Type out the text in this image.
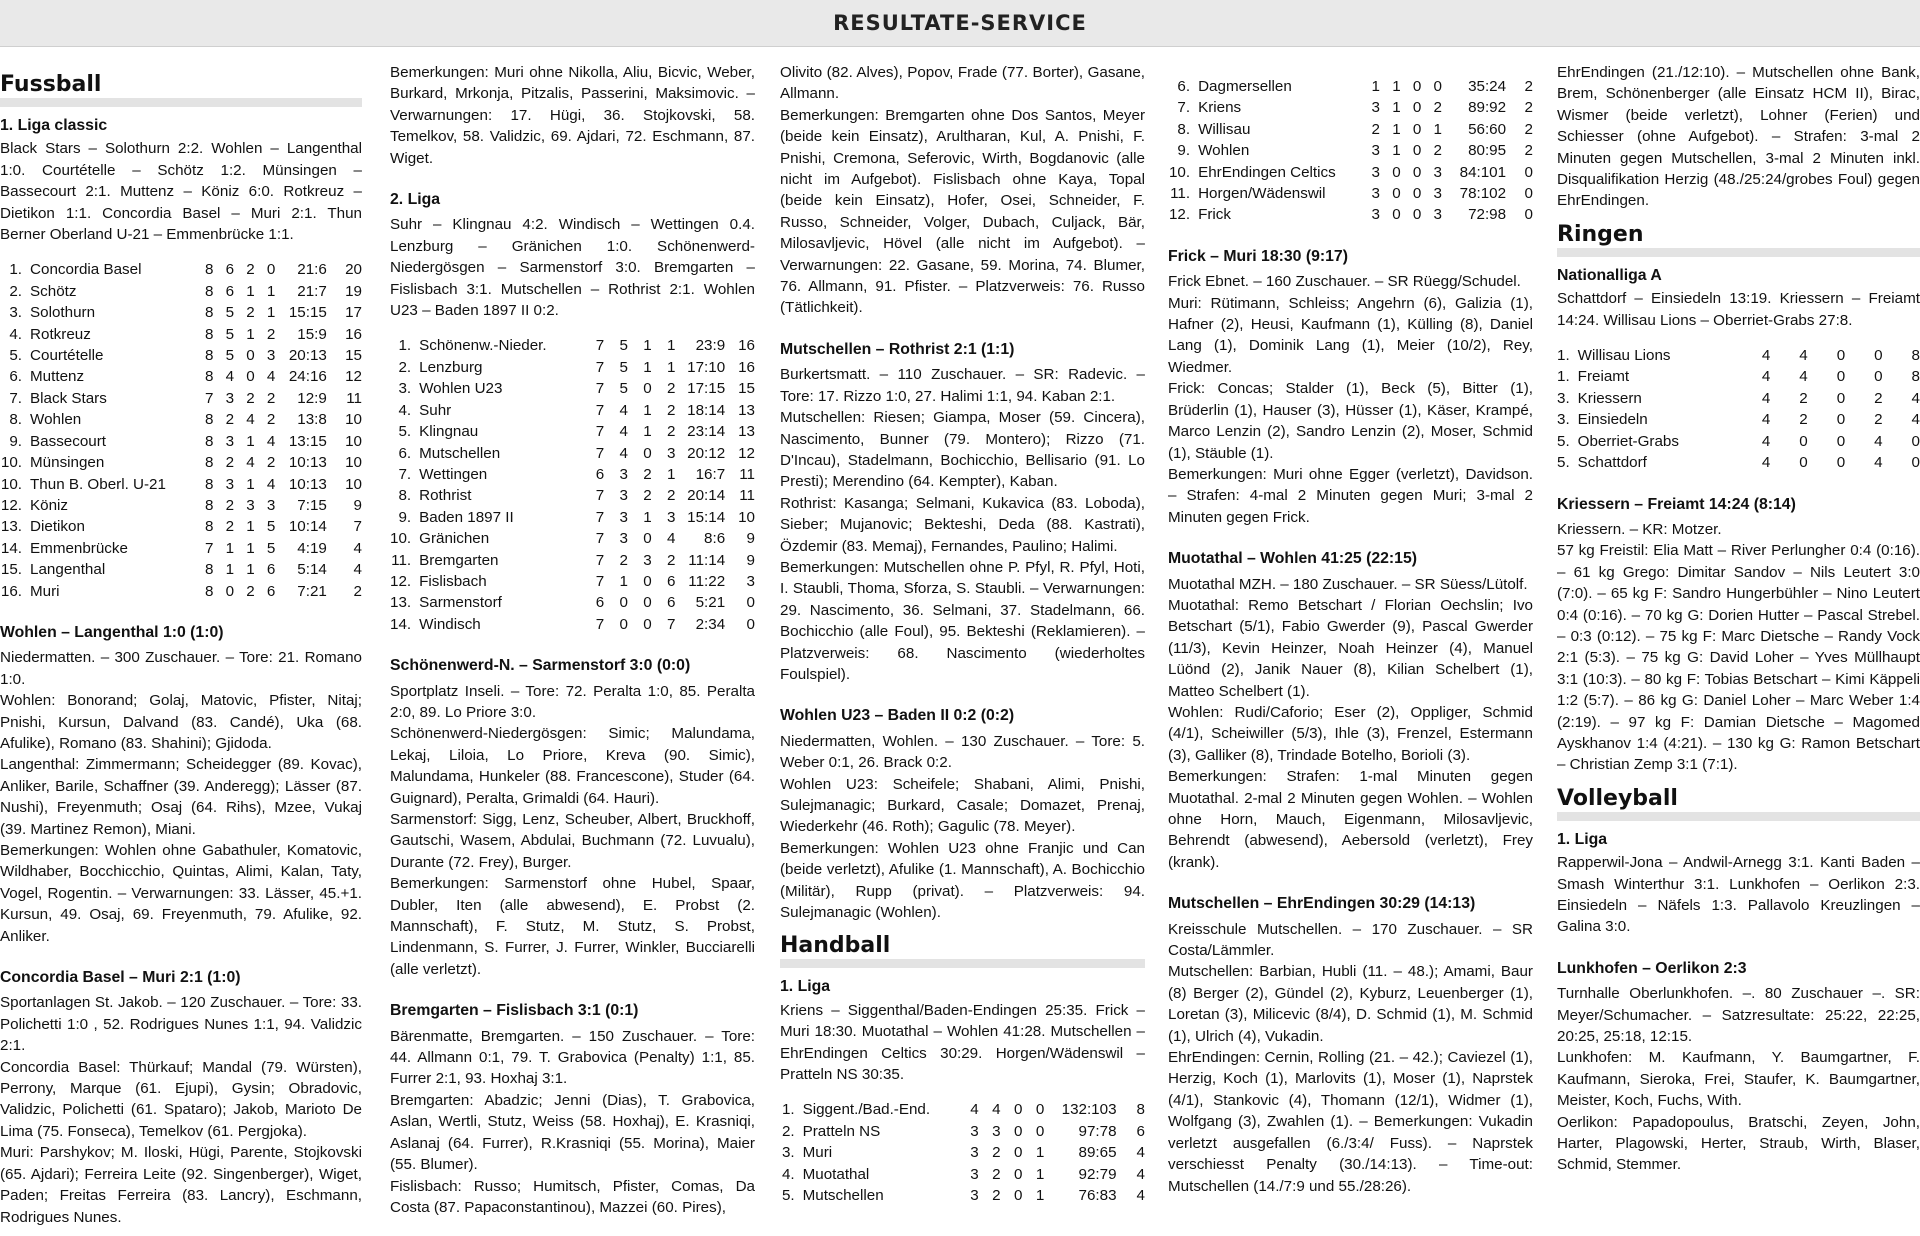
RESULTATE-SERVICE
Fussball
1. Liga classic
Black Stars – Solothurn 2:2. Wohlen – Langenthal 1:0. Courtételle – Schötz 1:2. Münsingen – Bassecourt 2:1. Muttenz – Köniz 6:0. Rotkreuz – Dietikon 1:1. Concordia Basel – Muri 2:1. Thun Berner Oberland U-21 – Emmenbrücke 1:1.
1.	Concordia Basel	8	6	2	0	21:6	20
2.	Schötz	8	6	1	1	21:7	19
3.	Solothurn	8	5	2	1	15:15	17
4.	Rotkreuz	8	5	1	2	15:9	16
5.	Courtételle	8	5	0	3	20:13	15
6.	Muttenz	8	4	0	4	24:16	12
7.	Black Stars	7	3	2	2	12:9	11
8.	Wohlen	8	2	4	2	13:8	10
9.	Bassecourt	8	3	1	4	13:15	10
10.	Münsingen	8	2	4	2	10:13	10
10.	Thun B. Oberl. U-21	8	3	1	4	10:13	10
12.	Köniz	8	2	3	3	7:15	9
13.	Dietikon	8	2	1	5	10:14	7
14.	Emmenbrücke	7	1	1	5	4:19	4
15.	Langenthal	8	1	1	6	5:14	4
16.	Muri	8	0	2	6	7:21	2
Wohlen – Langenthal 1:0 (1:0)
Niedermatten. – 300 Zuschauer. – Tore: 21. Romano 1:0.
Wohlen: Bonorand; Golaj, Matovic, Pfister, Nitaj; Pnishi, Kursun, Dalvand (83. Candé), Uka (68. Afulike), Romano (83. Shahini); Gjidoda.
Langenthal: Zimmermann; Scheidegger (89. Kovac), Anliker, Barile, Schaffner (39. Anderegg); Lässer (87. Nushi), Freyenmuth; Osaj (64. Rihs), Mzee, Vukaj (39. Martinez Remon), Miani.
Bemerkungen: Wohlen ohne Gabathuler, Komatovic, Wildhaber, Bocchicchio, Quintas, Alimi, Kalan, Taty, Vogel, Rogentin. – Verwarnungen: 33. Lässer, 45.+1. Kursun, 49. Osaj, 69. Freyenmuth, 79. Afulike, 92. Anliker.
Concordia Basel – Muri 2:1 (1:0)
Sportanlagen St. Jakob. – 120 Zuschauer. – Tore: 33. Polichetti 1:0 , 52. Rodrigues Nunes 1:1, 94. Validzic 2:1.
Concordia Basel: Thürkauf; Mandal (79. Würsten), Perrony, Marque (61. Ejupi), Gysin; Obradovic, Validzic, Polichetti (61. Spataro); Jakob, Marioto De Lima (75. Fonseca), Temelkov (61. Pergjoka).
Muri: Parshykov; M. Iloski, Hügi, Parente, Stojkovski (65. Ajdari); Ferreira Leite (92. Singenberger), Wiget, Paden; Freitas Ferreira (83. Lancry), Eschmann, Rodrigues Nunes.
Bemerkungen: Muri ohne Nikolla, Aliu, Bicvic, Weber, Burkard, Mrkonja, Pitzalis, Passerini, Maksimovic. – Verwarnungen: 17. Hügi, 36. Stojkovski, 58. Temelkov, 58. Validzic, 69. Ajdari, 72. Eschmann, 87. Wiget.
2. Liga
Suhr – Klingnau 4:2. Windisch – Wettingen 0.4. Lenzburg – Gränichen 1:0. Schönenwerd-Niedergösgen – Sarmenstorf 3:0. Bremgarten – Fislisbach 3:1. Mutschellen – Rothrist 2:1. Wohlen U23 – Baden 1897 II 0:2.
1.	Schönenw.-Nieder.	7	5	1	1	23:9	16
2.	Lenzburg	7	5	1	1	17:10	16
3.	Wohlen U23	7	5	0	2	17:15	15
4.	Suhr	7	4	1	2	18:14	13
5.	Klingnau	7	4	1	2	23:14	13
6.	Mutschellen	7	4	0	3	20:12	12
7.	Wettingen	6	3	2	1	16:7	11
8.	Rothrist	7	3	2	2	20:14	11
9.	Baden 1897 II	7	3	1	3	15:14	10
10.	Gränichen	7	3	0	4	8:6	9
11.	Bremgarten	7	2	3	2	11:14	9
12.	Fislisbach	7	1	0	6	11:22	3
13.	Sarmenstorf	6	0	0	6	5:21	0
14.	Windisch	7	0	0	7	2:34	0
Schönenwerd-N. – Sarmenstorf 3:0 (0:0)
Sportplatz Inseli. – Tore: 72. Peralta 1:0, 85. Peralta 2:0, 89. Lo Priore 3:0.
Schönenwerd-Niedergösgen: Simic; Malundama, Lekaj, Liloia, Lo Priore, Kreva (90. Simic), Malundama, Hunkeler (88. Francescone), Studer (64. Guignard), Peralta, Grimaldi (64. Hauri).
Sarmenstorf: Sigg, Lenz, Scheuber, Albert, Bruckhoff, Gautschi, Wasem, Abdulai, Buchmann (72. Luvualu), Durante (72. Frey), Burger.
Bemerkungen: Sarmenstorf ohne Hubel, Spaar, Dubler, Iten (alle abwesend), E. Probst (2. Mannschaft), F. Stutz, M. Stutz, S. Probst, Lindenmann, S. Furrer, J. Furrer, Winkler, Bucciarelli (alle verletzt).
Bremgarten – Fislisbach 3:1 (0:1)
Bärenmatte, Bremgarten. – 150 Zuschauer. – Tore: 44. Allmann 0:1, 79. T. Grabovica (Penalty) 1:1, 85. Furrer 2:1, 93. Hoxhaj 3:1.
Bremgarten: Abadzic; Jenni (Dias), T. Grabovica, Aslan, Wertli, Stutz, Weiss (58. Hoxhaj), E. Krasniqi, Aslanaj (64. Furrer), R.Krasniqi (55. Morina), Maier (55. Blumer).
Fislisbach: Russo; Humitsch, Pfister, Comas, Da Costa (87. Papaconstantinou), Mazzei (60. Pires),
Olivito (82. Alves), Popov, Frade (77. Borter), Gasane, Allmann.
Bemerkungen: Bremgarten ohne Dos Santos, Meyer (beide kein Einsatz), Arultharan, Kul, A. Pnishi, F. Pnishi, Cremona, Seferovic, Wirth, Bogdanovic (alle nicht im Aufgebot). Fislisbach ohne Kaya, Topal (beide kein Einsatz), Hofer, Osei, Schneider, F. Russo, Schneider, Volger, Dubach, Culjack, Bär, Milosavljevic, Hövel (alle nicht im Aufgebot). – Verwarnungen: 22. Gasane, 59. Morina, 74. Blumer, 76. Allmann, 91. Pfister. – Platzverweis: 76. Russo (Tätlichkeit).
Mutschellen – Rothrist 2:1 (1:1)
Burkertsmatt. – 110 Zuschauer. – SR: Radevic. – Tore: 17. Rizzo 1:0, 27. Halimi 1:1, 94. Kaban 2:1.
Mutschellen: Riesen; Giampa, Moser (59. Cincera), Nascimento, Bunner (79. Montero); Rizzo (71. D'Incau), Stadelmann, Bochicchio, Bellisario (91. Lo Presti); Merendino (64. Kempter), Kaban.
Rothrist: Kasanga; Selmani, Kukavica (83. Loboda), Sieber; Mujanovic; Bekteshi, Deda (88. Kastrati), Özdemir (83. Memaj), Fernandes, Paulino; Halimi.
Bemerkungen: Mutschellen ohne P. Pfyl, R. Pfyl, Hoti, I. Staubli, Thoma, Sforza, S. Staubli. – Verwarnungen: 29. Nascimento, 36. Selmani, 37. Stadelmann, 66. Bochicchio (alle Foul), 95. Bekteshi (Reklamieren). – Platzverweis: 68. Nascimento (wiederholtes Foulspiel).
Wohlen U23 – Baden II 0:2 (0:2)
Niedermatten, Wohlen. – 130 Zuschauer. – Tore: 5. Weber 0:1, 26. Brack 0:2.
Wohlen U23: Scheifele; Shabani, Alimi, Pnishi, Sulejmanagic; Burkard, Casale; Domazet, Prenaj, Wiederkehr (46. Roth); Gagulic (78. Meyer).
Bemerkungen: Wohlen U23 ohne Franjic und Can (beide verletzt), Afulike (1. Mannschaft), A. Bochicchio (Militär), Rupp (privat). – Platzverweis: 94. Sulejmanagic (Wohlen).
Handball
1. Liga
Kriens – Siggenthal/Baden-Endingen 25:35. Frick – Muri 18:30. Muotathal – Wohlen 41:28. Mutschellen – EhrEndingen Celtics 30:29. Horgen/Wädenswil – Pratteln NS 30:35.
1.	Siggent./Bad.-End.	4	4	0	0	132:103	8
2.	Pratteln NS	3	3	0	0	97:78	6
3.	Muri	3	2	0	1	89:65	4
4.	Muotathal	3	2	0	1	92:79	4
5.	Mutschellen	3	2	0	1	76:83	4
6.	Dagmersellen	1	1	0	0	35:24	2
7.	Kriens	3	1	0	2	89:92	2
8.	Willisau	2	1	0	1	56:60	2
9.	Wohlen	3	1	0	2	80:95	2
10.	EhrEndingen Celtics	3	0	0	3	84:101	0
11.	Horgen/Wädenswil	3	0	0	3	78:102	0
12.	Frick	3	0	0	3	72:98	0
Frick – Muri 18:30 (9:17)
Frick Ebnet. – 160 Zuschauer. – SR Rüegg/Schudel.
Muri: Rütimann, Schleiss; Angehrn (6), Galizia (1), Hafner (2), Heusi, Kaufmann (1), Külling (8), Daniel Lang (1), Dominik Lang (1), Meier (10/2), Rey, Wiedmer.
Frick: Concas; Stalder (1), Beck (5), Bitter (1), Brüderlin (1), Hauser (3), Hüsser (1), Käser, Krampé, Marco Lenzin (2), Sandro Lenzin (2), Moser, Schmid (1), Stäuble (1).
Bemerkungen: Muri ohne Egger (verletzt), Davidson. – Strafen: 4-mal 2 Minuten gegen Muri; 3-mal 2 Minuten gegen Frick.
Muotathal – Wohlen 41:25 (22:15)
Muotathal MZH. – 180 Zuschauer. – SR Süess/Lütolf.
Muotathal: Remo Betschart / Florian Oechslin; Ivo Betschart (5/1), Fabio Gwerder (9), Pascal Gwerder (11/3), Kevin Heinzer, Noah Heinzer (4), Manuel Lüönd (2), Janik Nauer (8), Kilian Schelbert (1), Matteo Schelbert (1).
Wohlen: Rudi/Caforio; Eser (2), Oppliger, Schmid (4/1), Scheiwiller (5/3), Ihle (3), Frenzel, Estermann (3), Galliker (8), Trindade Botelho, Borioli (3).
Bemerkungen: Strafen: 1-mal Minuten gegen Muotathal. 2-mal 2 Minuten gegen Wohlen. – Wohlen ohne Horn, Mauch, Eigenmann, Milosavljevic, Behrendt (abwesend), Aebersold (verletzt), Frey (krank).
Mutschellen – EhrEndingen 30:29 (14:13)
Kreisschule Mutschellen. – 170 Zuschauer. – SR Costa/Lämmler.
Mutschellen: Barbian, Hubli (11. – 48.); Amami, Baur (8) Berger (2), Gündel (2), Kyburz, Leuenberger (1), Loretan (3), Milicevic (8/4), D. Schmid (1), M. Schmid (1), Ulrich (4), Vukadin.
EhrEndingen: Cernin, Rolling (21. – 42.); Caviezel (1), Herzig, Koch (1), Marlovits (1), Moser (1), Naprstek (4/1), Stankovic (4), Thomann (12/1), Widmer (1), Wolfgang (3), Zwahlen (1). – Bemerkungen: Vukadin verletzt ausgefallen (6./3:4/ Fuss). – Naprstek verschiesst Penalty (30./14:13). – Time-out: Mutschellen (14./7:9 und 55./28:26).
EhrEndingen (21./12:10). – Mutschellen ohne Bank, Brem, Schönenberger (alle Einsatz HCM II), Birac, Wismer (beide verletzt), Lohner (Ferien) und Schiesser (ohne Aufgebot). – Strafen: 3-mal 2 Minuten gegen Mutschellen, 3-mal 2 Minuten inkl. Disqualifikation Herzig (48./25:24/grobes Foul) gegen EhrEndingen.
Ringen
Nationalliga A
Schattdorf – Einsiedeln 13:19. Kriessern – Freiamt 14:24. Willisau Lions – Oberriet-Grabs 27:8.
1.	Willisau Lions	4	4	0	0	8
1.	Freiamt	4	4	0	0	8
3.	Kriessern	4	2	0	2	4
3.	Einsiedeln	4	2	0	2	4
5.	Oberriet-Grabs	4	0	0	4	0
5.	Schattdorf	4	0	0	4	0
Kriessern – Freiamt 14:24 (8:14)
Kriessern. – KR: Motzer.
57 kg Freistil: Elia Matt – River Perlungher 0:4 (0:16). – 61 kg Grego: Dimitar Sandov – Nils Leutert 3:0 (7:0). – 65 kg F: Sandro Hungerbühler – Nino Leutert 0:4 (0:16). – 70 kg G: Dorien Hutter – Pascal Strebel. – 0:3 (0:12). – 75 kg F: Marc Dietsche – Randy Vock 2:1 (5:3). – 75 kg G: David Loher – Yves Müllhaupt 3:1 (10:3). – 80 kg F: Tobias Betschart – Kimi Käppeli 1:2 (5:7). – 86 kg G: Daniel Loher – Marc Weber 1:4 (2:19). – 97 kg F: Damian Dietsche – Magomed Ayskhanov 1:4 (4:21). – 130 kg G: Ramon Betschart – Christian Zemp 3:1 (7:1).
Volleyball
1. Liga
Rapperwil-Jona – Andwil-Arnegg 3:1. Kanti Baden – Smash Winterthur 3:1. Lunkhofen – Oerlikon 2:3. Einsiedeln – Näfels 1:3. Pallavolo Kreuzlingen – Galina 3:0.
Lunkhofen – Oerlikon 2:3
Turnhalle Oberlunkhofen. –. 80 Zuschauer –. SR: Meyer/Schumacher. – Satzresultate: 25:22, 22:25, 20:25, 25:18, 12:15.
Lunkhofen: M. Kaufmann, Y. Baumgartner, F. Kaufmann, Sieroka, Frei, Staufer, K. Baumgartner, Meister, Koch, Fuchs, With.
Oerlikon: Papadopoulus, Bratschi, Zeyen, John, Harter, Plagowski, Herter, Straub, Wirth, Blaser, Schmid, Stemmer.
